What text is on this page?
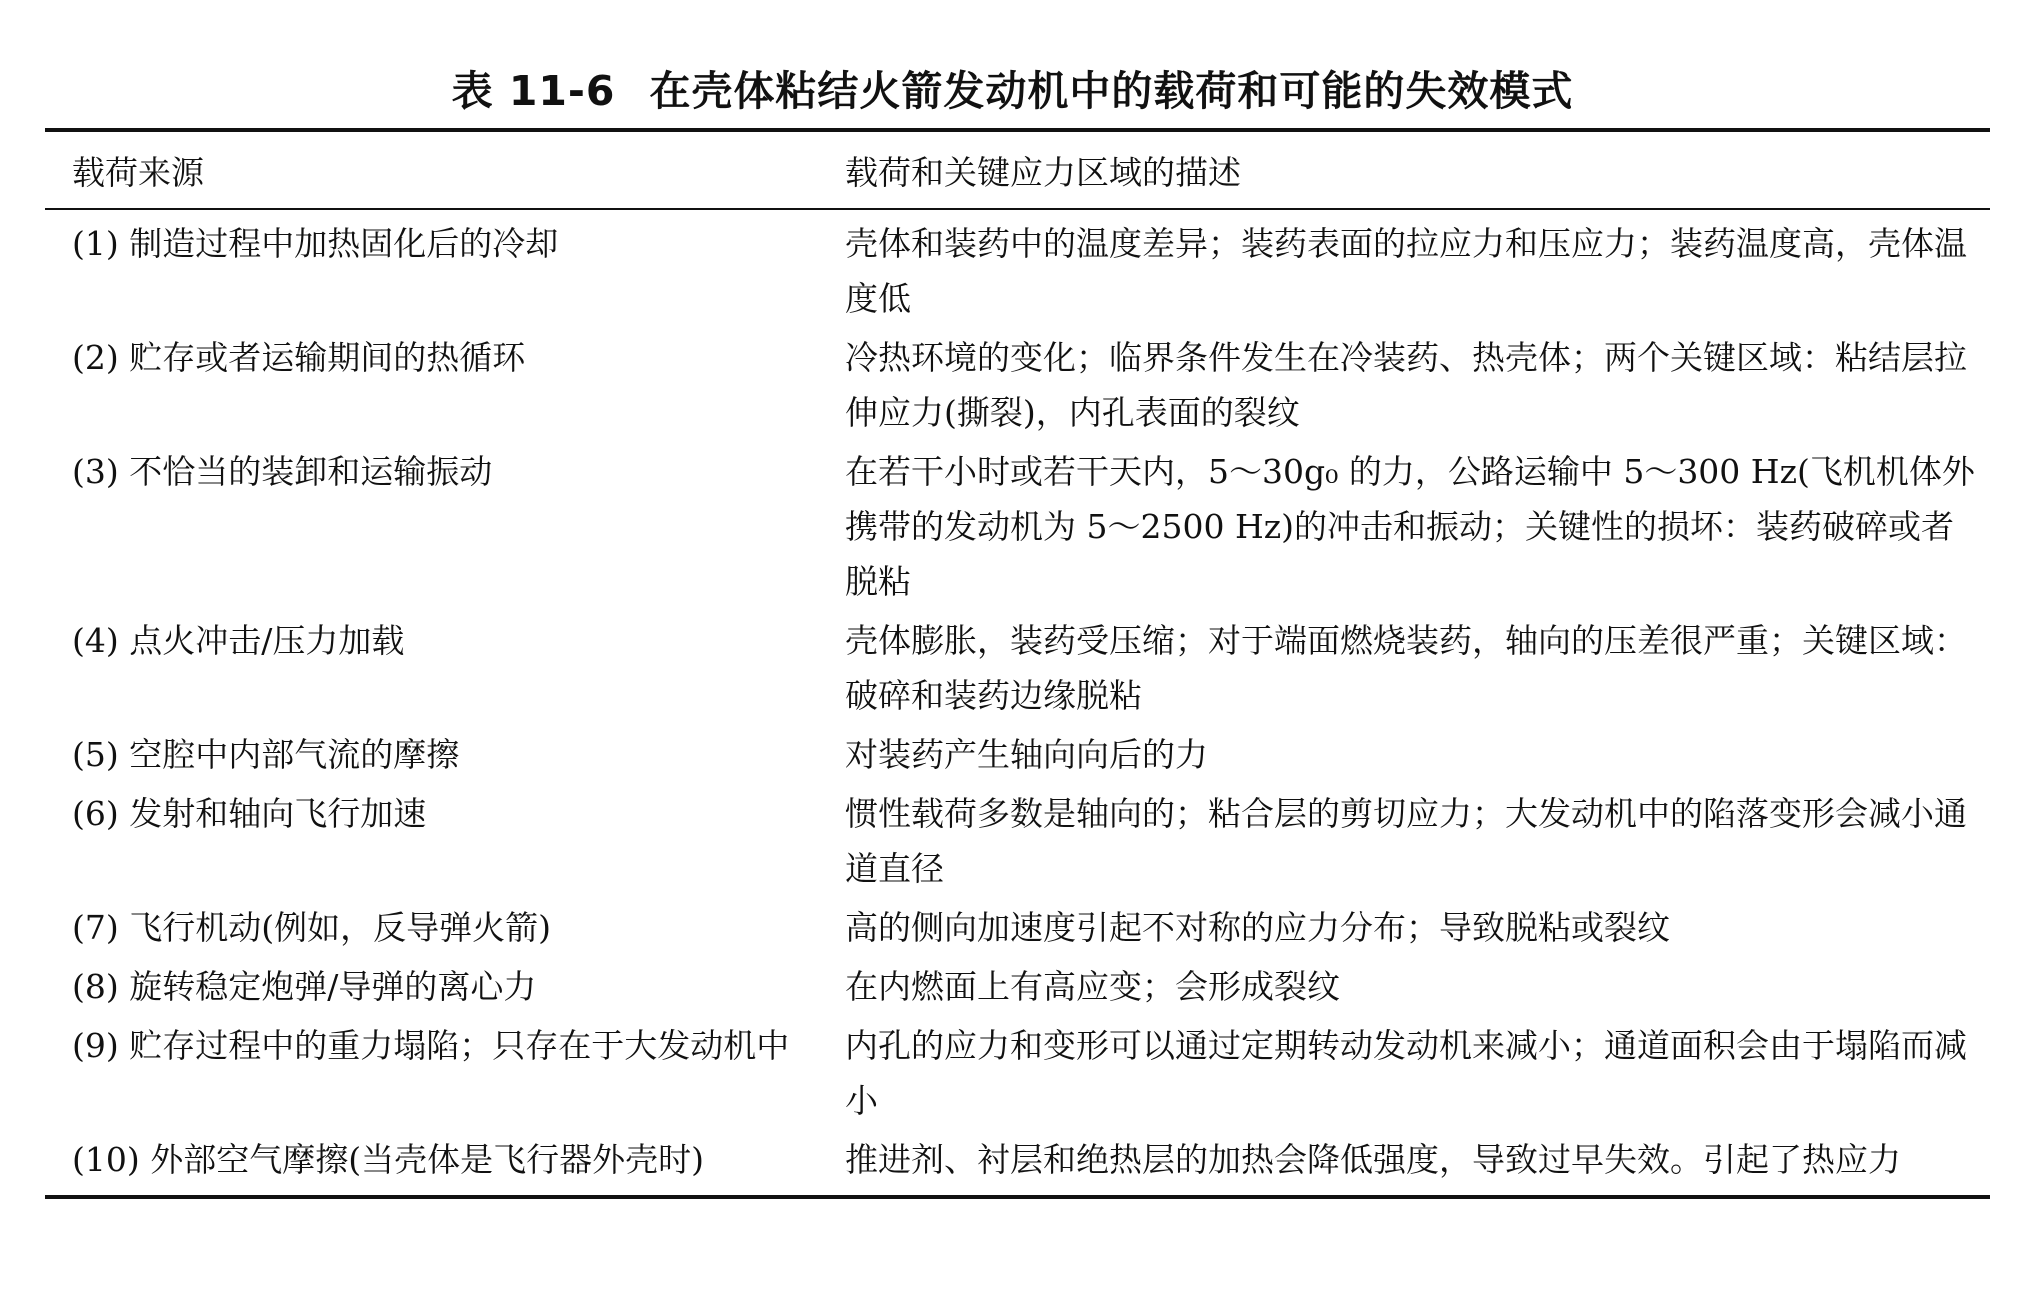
表 11-6 在壳体粘结火箭发动机中的载荷和可能的失效模式
载荷来源	载荷和关键应力区域的描述
(1) 制造过程中加热固化后的冷却	壳体和装药中的温度差异；装药表面的拉应力和压应力；装药温度高，壳体温度低
(2) 贮存或者运输期间的热循环	冷热环境的变化；临界条件发生在冷装药、热壳体；两个关键区域：粘结层拉伸应力(撕裂)，内孔表面的裂纹
(3) 不恰当的装卸和运输振动	在若干小时或若干天内，5～30g₀ 的力，公路运输中 5～300 Hz(飞机机体外携带的发动机为 5～2500 Hz)的冲击和振动；关键性的损坏：装药破碎或者脱粘
(4) 点火冲击/压力加载	壳体膨胀，装药受压缩；对于端面燃烧装药，轴向的压差很严重；关键区域：破碎和装药边缘脱粘
(5) 空腔中内部气流的摩擦	对装药产生轴向向后的力
(6) 发射和轴向飞行加速	惯性载荷多数是轴向的；粘合层的剪切应力；大发动机中的陷落变形会减小通道直径
(7) 飞行机动(例如，反导弹火箭)	高的侧向加速度引起不对称的应力分布；导致脱粘或裂纹
(8) 旋转稳定炮弹/导弹的离心力	在内燃面上有高应变；会形成裂纹
(9) 贮存过程中的重力塌陷；只存在于大发动机中	内孔的应力和变形可以通过定期转动发动机来减小；通道面积会由于塌陷而减小
(10) 外部空气摩擦(当壳体是飞行器外壳时)	推进剂、衬层和绝热层的加热会降低强度，导致过早失效。引起了热应力
